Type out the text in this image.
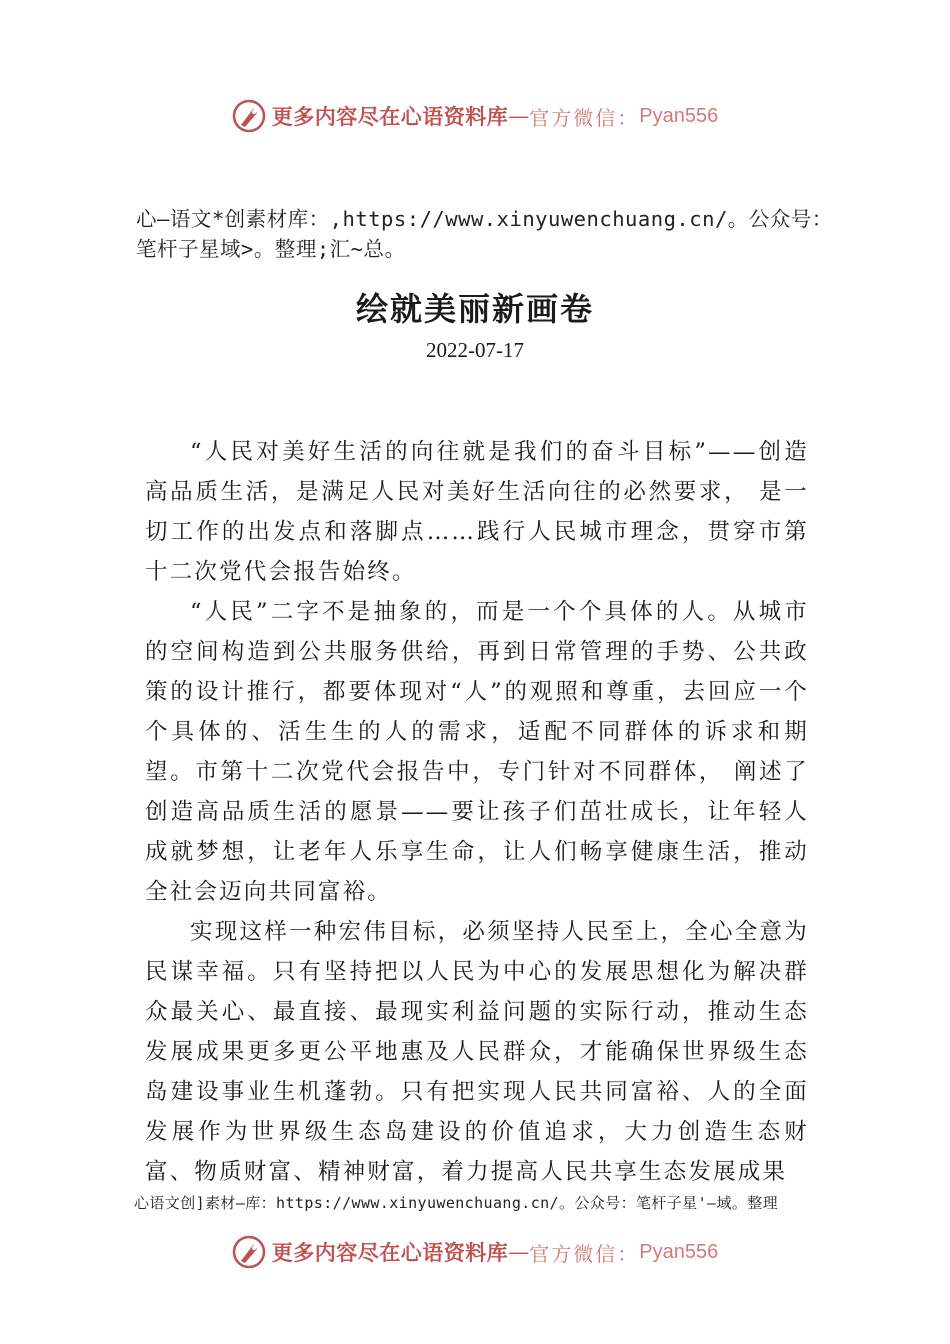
更多内容尽在心语资料库 — 官方微信： Pyan556
心—语文*创素材库：,https://www.xinyuwenchuang.cn/。公众号：笔杆子星域>。整理;汇~总。
绘就美丽新画卷
2022-07-17

“人民对美好生活的向往就是我们的奋斗目标”——创造高品质生活，是满足人民对美好生活向往的必然要求， 是一切工作的出发点和落脚点……践行人民城市理念，贯穿市第十二次党代会报告始终。

“人民”二字不是抽象的，而是一个个具体的人。从城市的空间构造到公共服务供给，再到日常管理的手势、公共政策的设计推行，都要体现对“人”的观照和尊重，去回应一个个具体的、活生生的人的需求，适配不同群体的诉求和期望。市第十二次党代会报告中，专门针对不同群体， 阐述了创造高品质生活的愿景——要让孩子们茁壮成长，让年轻人成就梦想，让老年人乐享生命，让人们畅享健康生活，推动全社会迈向共同富裕。

实现这样一种宏伟目标，必须坚持人民至上，全心全意为民谋幸福。只有坚持把以人民为中心的发展思想化为解决群众最关心、最直接、最现实利益问题的实际行动，推动生态发展成果更多更公平地惠及人民群众，才能确保世界级生态岛建设事业生机蓬勃。只有把实现人民共同富裕、人的全面发展作为世界级生态岛建设的价值追求，大力创造生态财富、物质财富、精神财富，着力提高人民共享生态发展成果

心语文创]素材—库：https://www.xinyuwenchuang.cn/。公众号：笔杆子星'—域。整理
更多内容尽在心语资料库 — 官方微信： Pyan556
